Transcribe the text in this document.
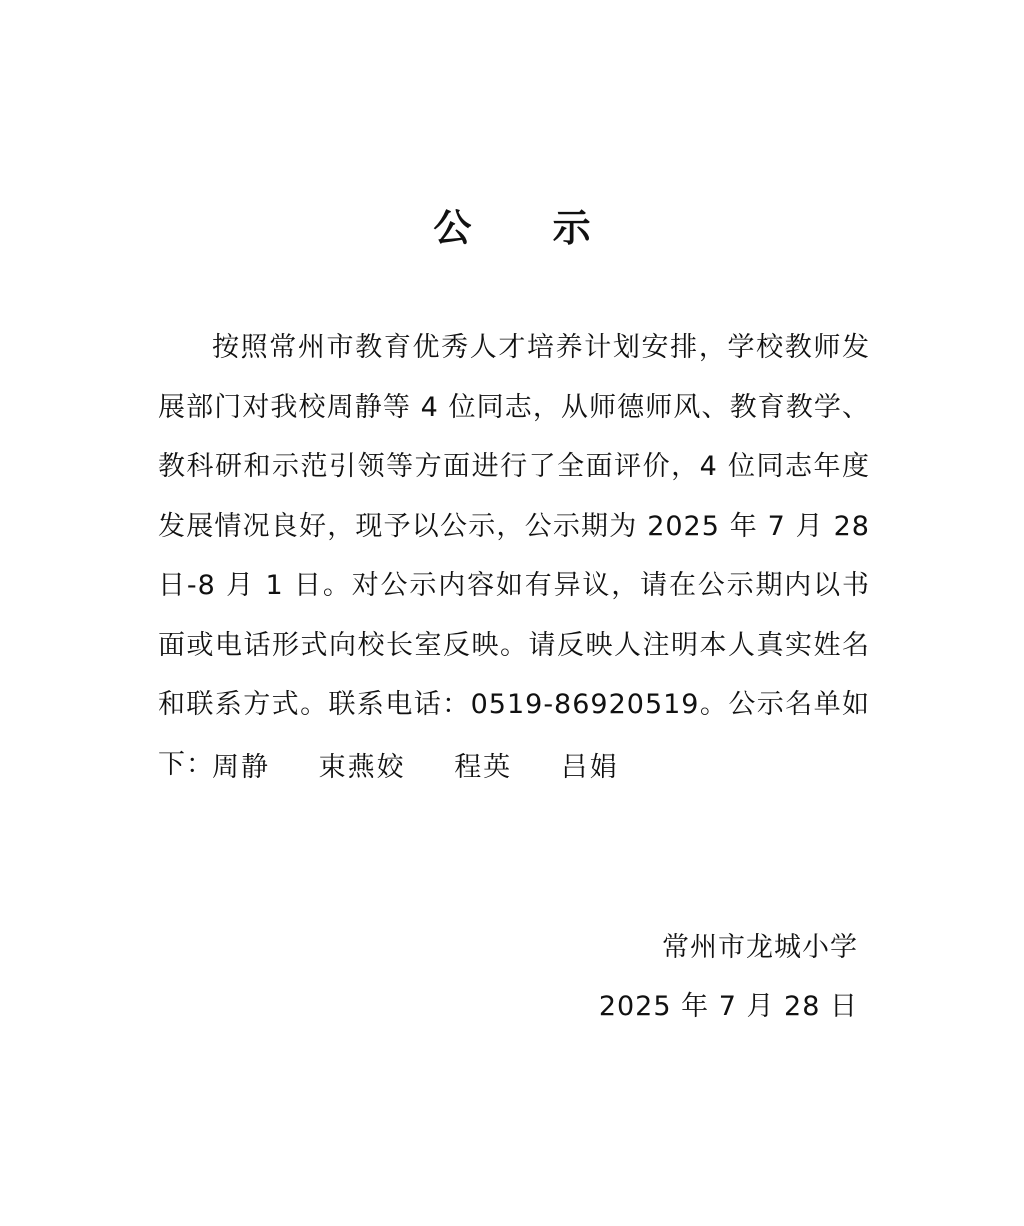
公 示

按照常州市教育优秀人才培养计划安排，学校教师发展部门对我校周静等 4 位同志，从师德师风、教育教学、教科研和示范引领等方面进行了全面评价，4 位同志年度发展情况良好，现予以公示，公示期为 2025 年 7 月 28 日-8 月 1 日。对公示内容如有异议，请在公示期内以书面或电话形式向校长室反映。请反映人注明本人真实姓名和联系方式。联系电话：0519-86920519。公示名单如下：

周静 束燕姣 程英 吕娟
常州市龙城小学
2025 年 7 月 28 日
